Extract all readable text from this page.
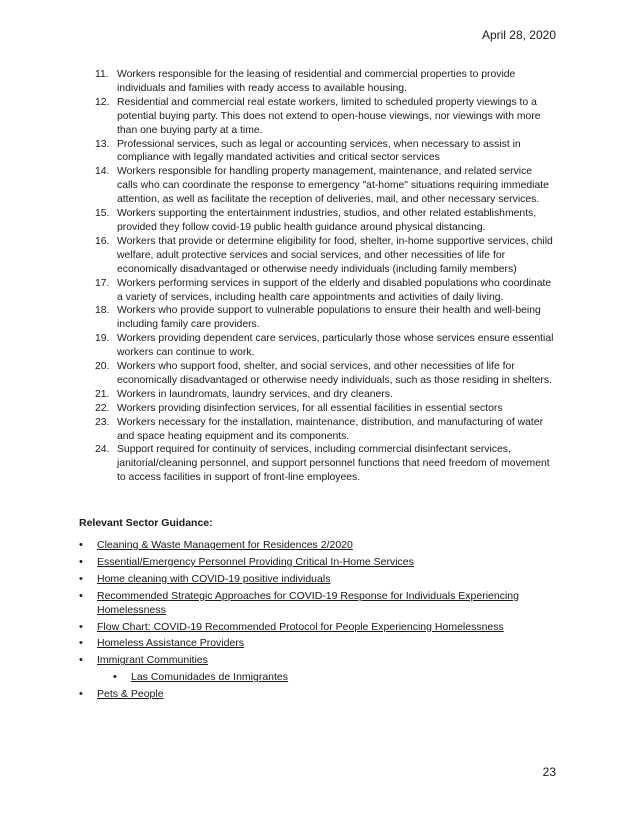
April 28, 2020
11. Workers responsible for the leasing of residential and commercial properties to provide individuals and families with ready access to available housing.
12. Residential and commercial real estate workers, limited to scheduled property viewings to a potential buying party. This does not extend to open-house viewings, nor viewings with more than one buying party at a time.
13. Professional services, such as legal or accounting services, when necessary to assist in compliance with legally mandated activities and critical sector services
14. Workers responsible for handling property management, maintenance, and related service calls who can coordinate the response to emergency "at-home" situations requiring immediate attention, as well as facilitate the reception of deliveries, mail, and other necessary services.
15. Workers supporting the entertainment industries, studios, and other related establishments, provided they follow covid-19 public health guidance around physical distancing.
16. Workers that provide or determine eligibility for food, shelter, in-home supportive services, child welfare, adult protective services and social services, and other necessities of life for economically disadvantaged or otherwise needy individuals (including family members)
17. Workers performing services in support of the elderly and disabled populations who coordinate a variety of services, including health care appointments and activities of daily living.
18. Workers who provide support to vulnerable populations to ensure their health and well-being including family care providers.
19. Workers providing dependent care services, particularly those whose services ensure essential workers can continue to work.
20. Workers who support food, shelter, and social services, and other necessities of life for economically disadvantaged or otherwise needy individuals, such as those residing in shelters.
21. Workers in laundromats, laundry services, and dry cleaners.
22. Workers providing disinfection services, for all essential facilities in essential sectors
23. Workers necessary for the installation, maintenance, distribution, and manufacturing of water and space heating equipment and its components.
24. Support required for continuity of services, including commercial disinfectant services, janitorial/cleaning personnel, and support personnel functions that need freedom of movement to access facilities in support of front-line employees.
Relevant Sector Guidance:
•	Cleaning & Waste Management for Residences 2/2020
•	Essential/Emergency Personnel Providing Critical In-Home Services
•	Home cleaning with COVID-19 positive individuals
•	Recommended Strategic Approaches for COVID-19 Response for Individuals Experiencing Homelessness
•	Flow Chart: COVID-19 Recommended Protocol for People Experiencing Homelessness
•	Homeless Assistance Providers
•	Immigrant Communities
•	Las Comunidades de Inmigrantes
•	Pets & People
23
